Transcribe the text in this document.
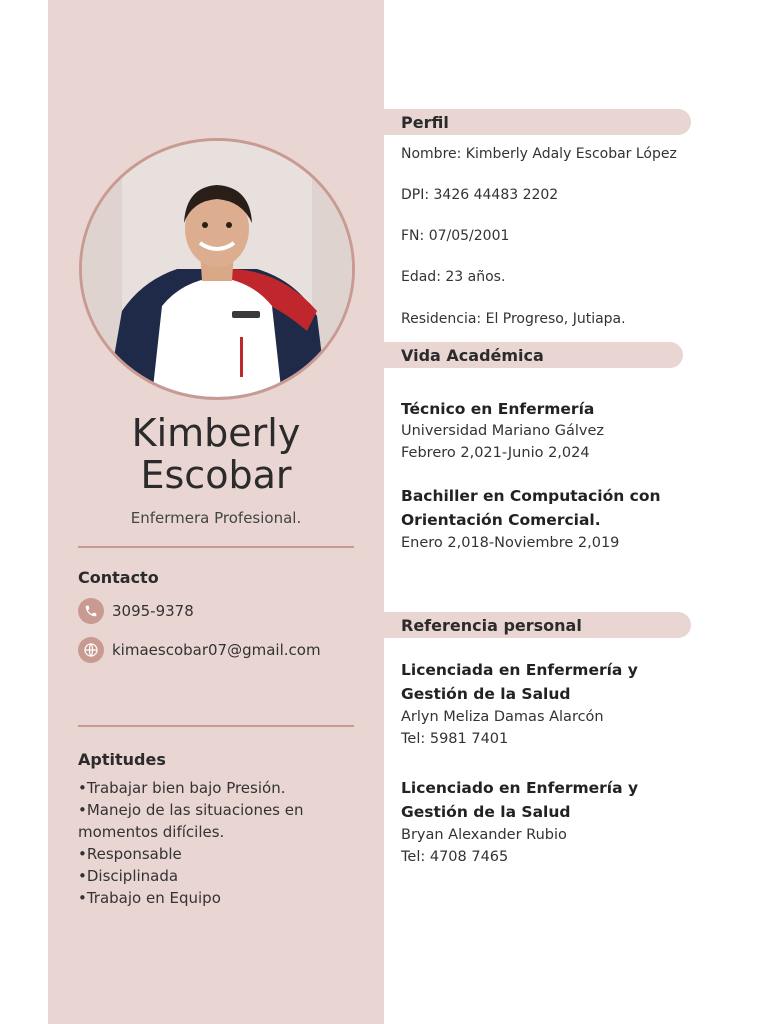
Kimberly
Escobar
Enfermera Profesional.
Contacto
3095-9378
kimaescobar07@gmail.com
Aptitudes
•Trabajar bien bajo Presión.
•Manejo de las situaciones en
momentos difíciles.
•Responsable
•Disciplinada
•Trabajo en Equipo
Perfil
Nombre: Kimberly Adaly Escobar López
DPI: 3426 44483 2202
FN: 07/05/2001
Edad: 23 años.
Residencia: El Progreso, Jutiapa.
Vida Académica
Técnico en Enfermería
Universidad Mariano Gálvez
Febrero 2,021-Junio 2,024
Bachiller en Computación con
Orientación Comercial.
Enero 2,018-Noviembre 2,019
Referencia personal
Licenciada en Enfermería y
Gestión de la Salud
Arlyn Meliza Damas Alarcón
Tel: 5981 7401
Licenciado en Enfermería y
Gestión de la Salud
Bryan Alexander Rubio
Tel: 4708 7465
